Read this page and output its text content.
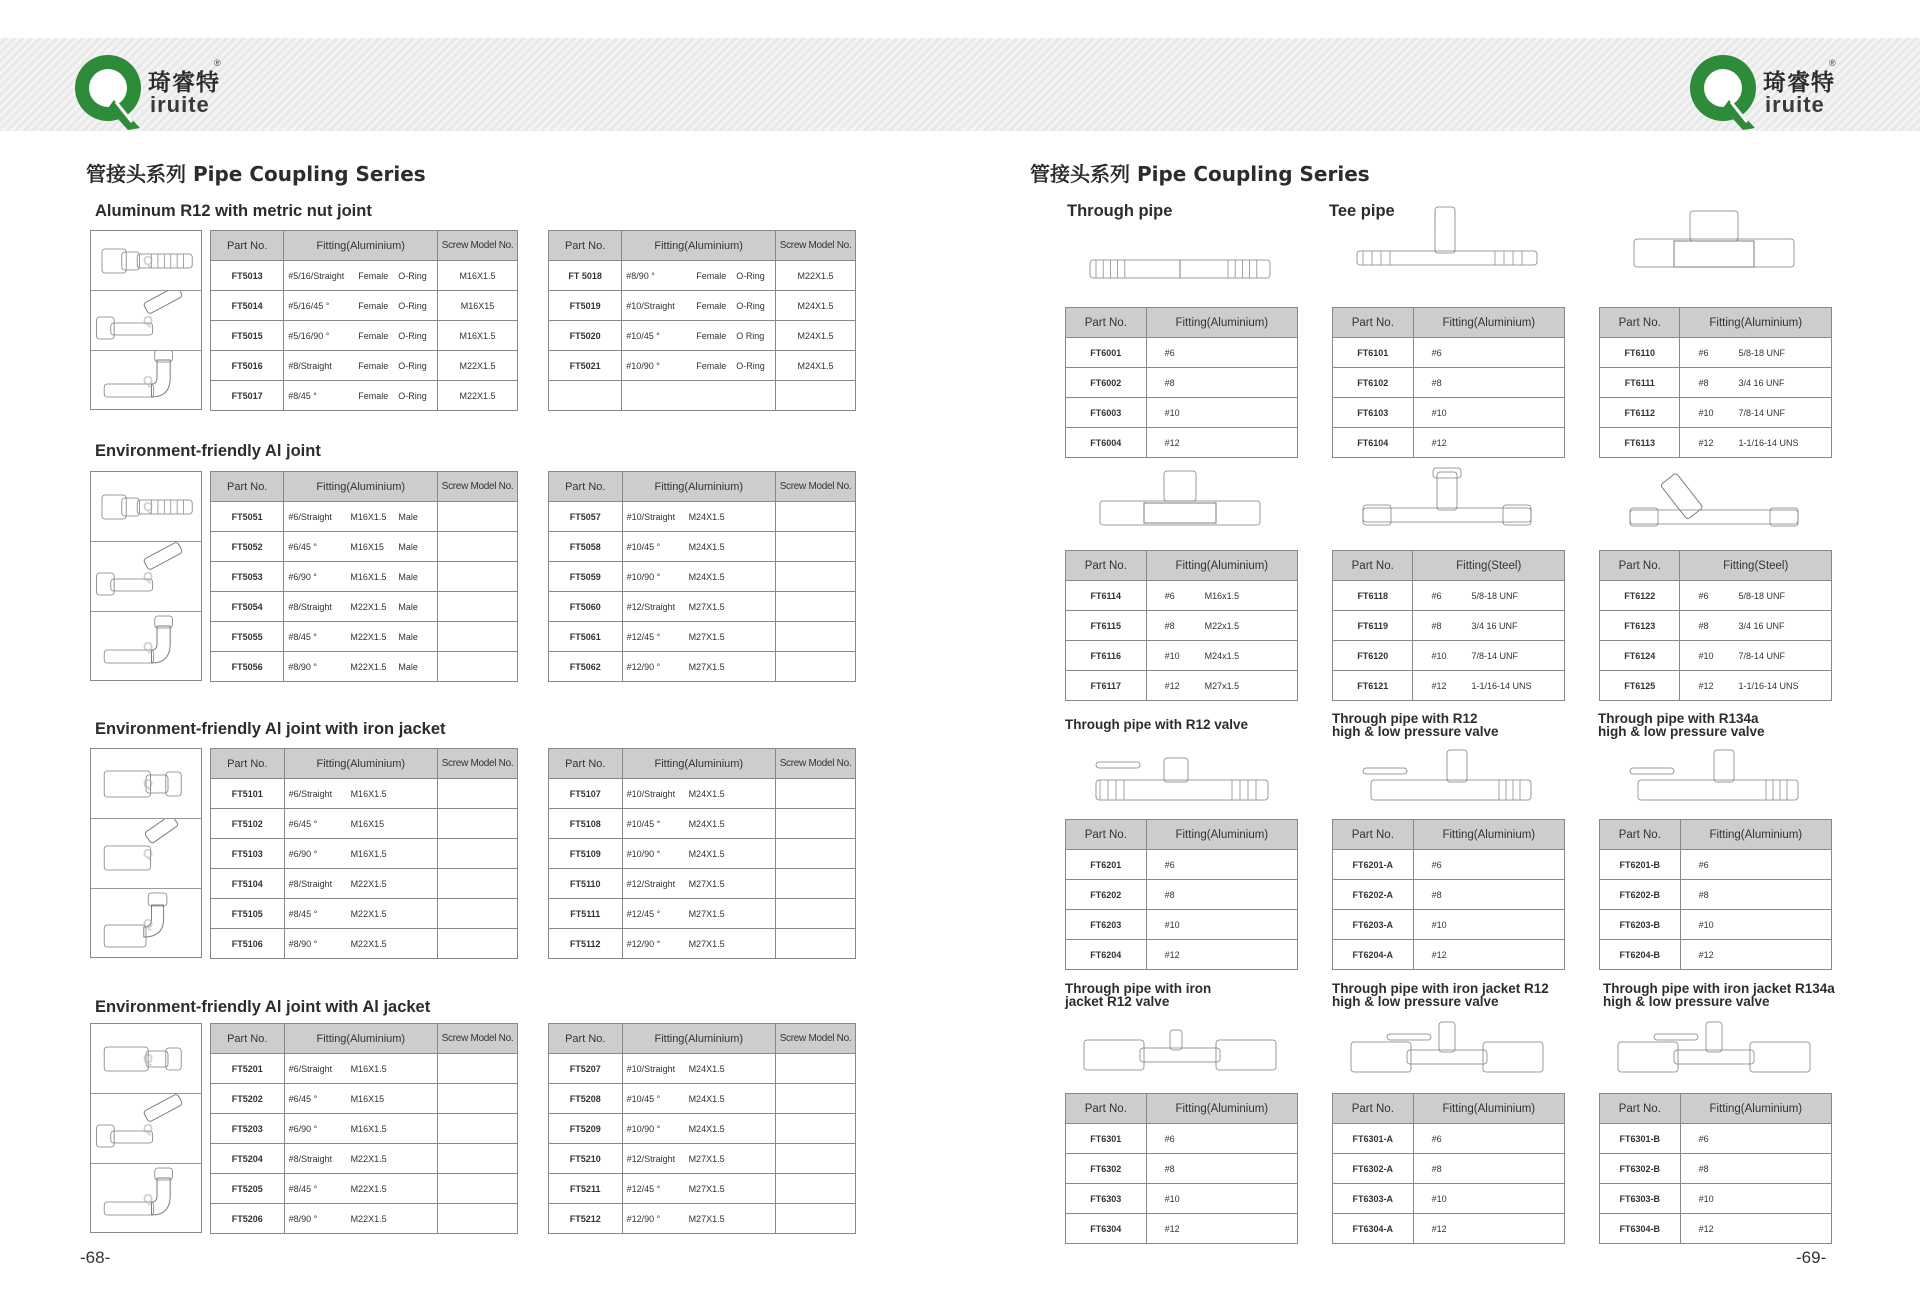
琦睿特
iruite
®
管接头系列 Pipe Coupling Series
-68-
Aluminum R12 with metric nut joint
Q
Q
Q
Part No.	Fitting(Aluminium)	Screw Model No.
FT5013	#5/16/Straight Female O-Ring	M16X1.5
FT5014	#5/16/45 ° Female O-Ring	M16X15
FT5015	#5/16/90 ° Female O-Ring	M16X1.5
FT5016	#8/Straight Female O-Ring	M22X1.5
FT5017	#8/45 ° Female O-Ring	M22X1.5
Part No.	Fitting(Aluminium)	Screw Model No.
FT 5018	#8/90 ° Female O-Ring	M22X1.5
FT5019	#10/Straight Female O-Ring	M24X1.5
FT5020	#10/45 ° Female O Ring	M24X1.5
FT5021	#10/90 ° Female O-Ring	M24X1.5

Environment-friendly Al joint
Q
Q
Q
Part No.	Fitting(Aluminium)	Screw Model No.
FT5051	#6/Straight M16X1.5 Male	
FT5052	#6/45 ° M16X15 Male	
FT5053	#6/90 ° M16X1.5 Male	
FT5054	#8/Straight M22X1.5 Male	
FT5055	#8/45 ° M22X1.5 Male	
FT5056	#8/90 ° M22X1.5 Male	
Part No.	Fitting(Aluminium)	Screw Model No.
FT5057	#10/Straight M24X1.5	
FT5058	#10/45 ° M24X1.5	
FT5059	#10/90 ° M24X1.5	
FT5060	#12/Straight M27X1.5	
FT5061	#12/45 ° M27X1.5	
FT5062	#12/90 ° M27X1.5	
Environment-friendly Al joint with iron jacket
Q
Q
Q
Part No.	Fitting(Aluminium)	Screw Model No.
FT5101	#6/Straight M16X1.5	
FT5102	#6/45 ° M16X15	
FT5103	#6/90 ° M16X1.5	
FT5104	#8/Straight M22X1.5	
FT5105	#8/45 ° M22X1.5	
FT5106	#8/90 ° M22X1.5	
Part No.	Fitting(Aluminium)	Screw Model No.
FT5107	#10/Straight M24X1.5	
FT5108	#10/45 ° M24X1.5	
FT5109	#10/90 ° M24X1.5	
FT5110	#12/Straight M27X1.5	
FT5111	#12/45 ° M27X1.5	
FT5112	#12/90 ° M27X1.5	
Environment-friendly Al joint with Al jacket
Q
Q
Q
Part No.	Fitting(Aluminium)	Screw Model No.
FT5201	#6/Straight M16X1.5	
FT5202	#6/45 ° M16X15	
FT5203	#6/90 ° M16X1.5	
FT5204	#8/Straight M22X1.5	
FT5205	#8/45 ° M22X1.5	
FT5206	#8/90 ° M22X1.5	
Part No.	Fitting(Aluminium)	Screw Model No.
FT5207	#10/Straight M24X1.5	
FT5208	#10/45 ° M24X1.5	
FT5209	#10/90 ° M24X1.5	
FT5210	#12/Straight M27X1.5	
FT5211	#12/45 ° M27X1.5	
FT5212	#12/90 ° M27X1.5	
琦睿特
iruite
®
管接头系列 Pipe Coupling Series
-69-
Through pipe	Tee pipe
Through pipe with R12 valve	Through pipe with R12
high & low pressure valve
Through pipe with R134a
high & low pressure valve
Through pipe with iron
jacket R12 valve
Through pipe with iron jacket R12
high & low pressure valve
Through pipe with iron jacket R134a
high & low pressure valve
Part No.	Fitting(Aluminium)
FT6001	#6
FT6002	#8
FT6003	#10
FT6004	#12
Part No.	Fitting(Aluminium)
FT6101	#6
FT6102	#8
FT6103	#10
FT6104	#12
Part No.	Fitting(Aluminium)
FT6110	#6 5/8-18 UNF
FT6111	#8 3/4 16 UNF
FT6112	#10 7/8-14 UNF
FT6113	#12 1-1/16-14 UNS
Part No.	Fitting(Aluminium)
FT6114	#6 M16x1.5
FT6115	#8 M22x1.5
FT6116	#10 M24x1.5
FT6117	#12 M27x1.5
Part No.	Fitting(Steel)
FT6118	#6 5/8-18 UNF
FT6119	#8 3/4 16 UNF
FT6120	#10 7/8-14 UNF
FT6121	#12 1-1/16-14 UNS
Part No.	Fitting(Steel)
FT6122	#6 5/8-18 UNF
FT6123	#8 3/4 16 UNF
FT6124	#10 7/8-14 UNF
FT6125	#12 1-1/16-14 UNS
Part No.	Fitting(Aluminium)
FT6201	#6
FT6202	#8
FT6203	#10
FT6204	#12
Part No.	Fitting(Aluminium)
FT6201-A	#6
FT6202-A	#8
FT6203-A	#10
FT6204-A	#12
Part No.	Fitting(Aluminium)
FT6201-B	#6
FT6202-B	#8
FT6203-B	#10
FT6204-B	#12
Part No.	Fitting(Aluminium)
FT6301	#6
FT6302	#8
FT6303	#10
FT6304	#12
Part No.	Fitting(Aluminium)
FT6301-A	#6
FT6302-A	#8
FT6303-A	#10
FT6304-A	#12
Part No.	Fitting(Aluminium)
FT6301-B	#6
FT6302-B	#8
FT6303-B	#10
FT6304-B	#12
